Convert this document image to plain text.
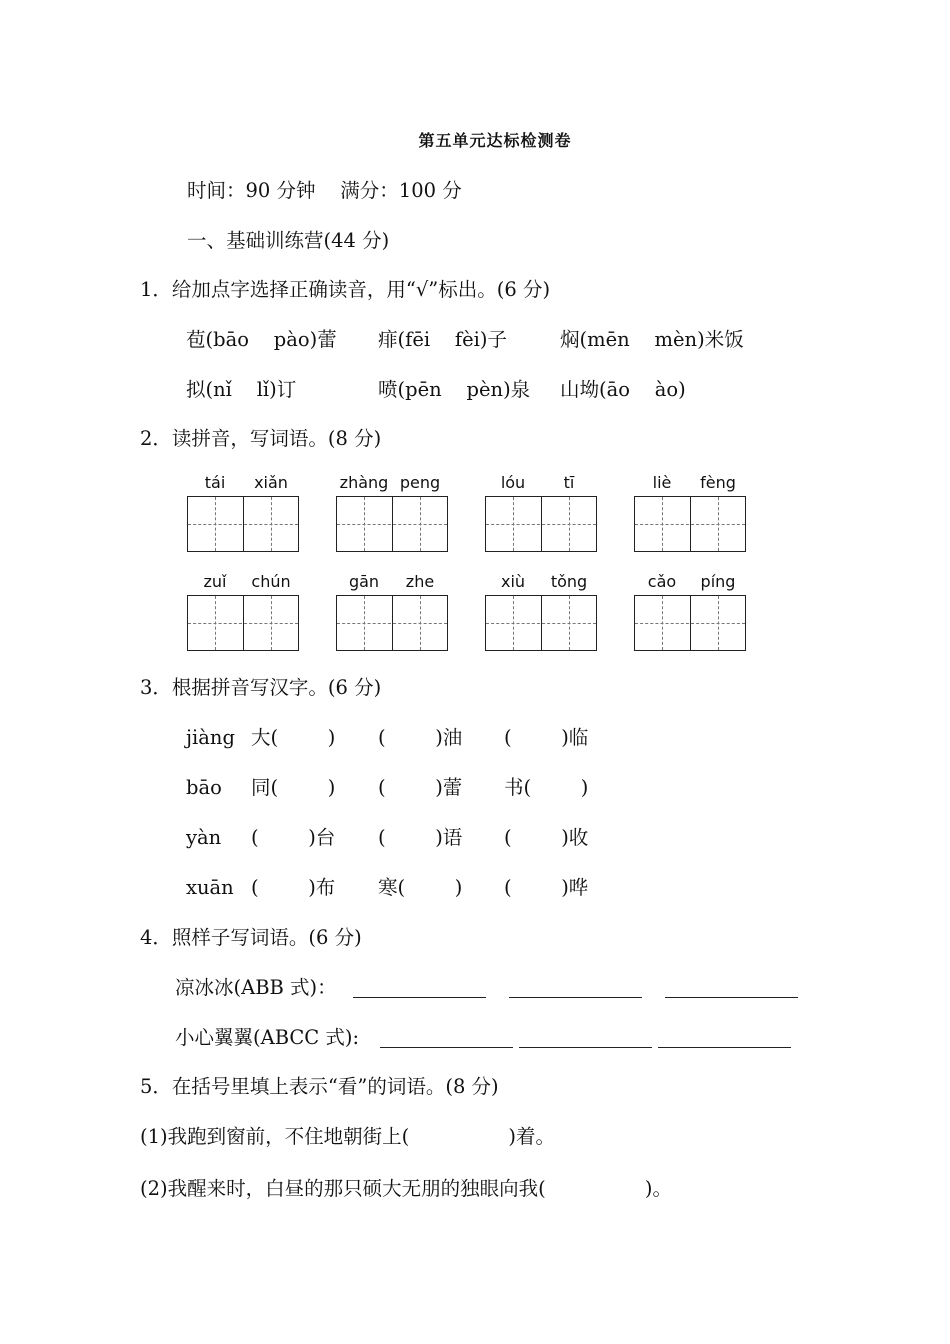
第五单元达标检测卷
时间：90 分钟    满分：100 分
一、基础训练营(44 分)
1．给加点字选择正确读音，用“√”标出。(6 分)
苞(bāo    pào)蕾 痱(fēi    fèi)子	焖(mēn    mèn)米饭
拟(nǐ    lǐ)订	喷(pēn    pèn)泉 山坳(āo    ào)
2．读拼音，写词语。(8 分)
tái	xiǎn	zhàng peng	lóu	tī	liè	fèng
zuǐ	chún	gān	zhe	xiù	tǒng	cǎo	píng
3．根据拼音写汉字。(6 分)
jiàng 大(        ) (        )油 (        )临
bāo 同(        ) (        )蕾 书(        )
yàn (        )台 (        )语 (        )收
xuān (        )布 寒(        ) (        )哗
4．照样子写词语。(6 分)
凉冰冰(ABB 式)：
小心翼翼(ABCC 式):
5．在括号里填上表示“看”的词语。(8 分)
(1)我跑到窗前，不住地朝街上(                )着。
(2)我醒来时，白昼的那只硕大无朋的独眼向我(                )。
